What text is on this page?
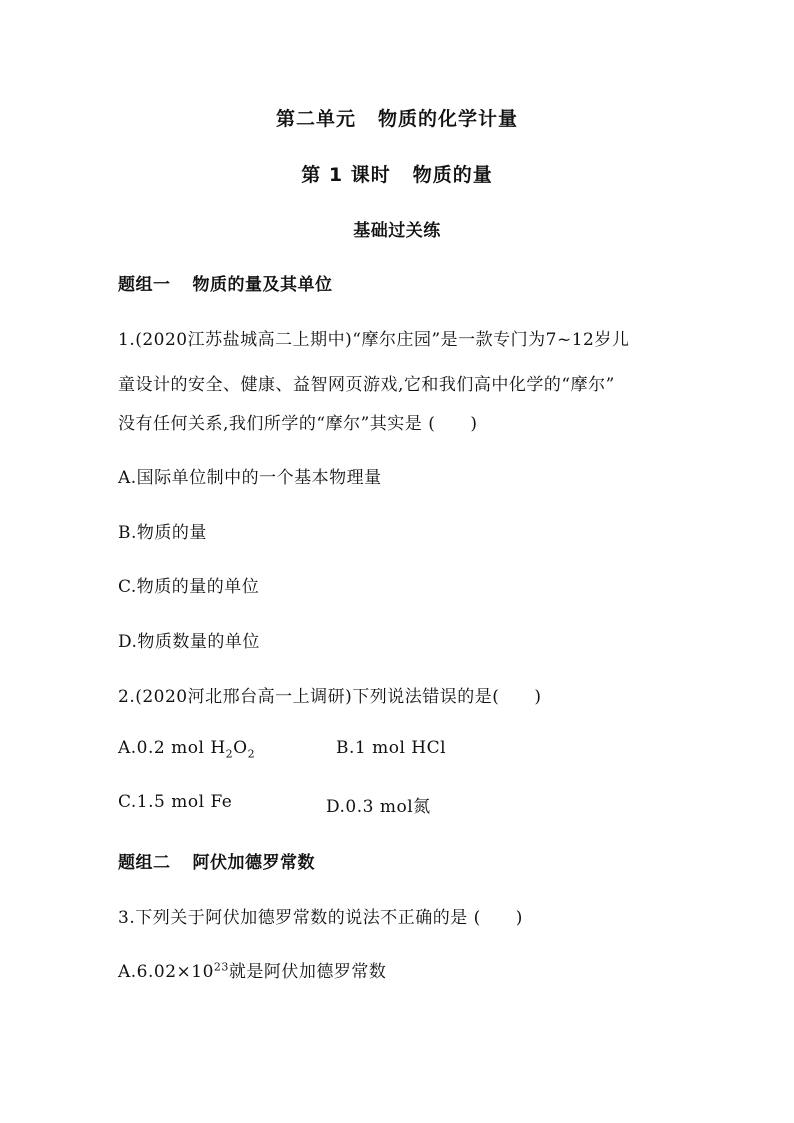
第二单元 物质的化学计量
第 1 课时 物质的量
基础过关练
题组一 物质的量及其单位
1.(2020江苏盐城高二上期中)“摩尔庄园”是一款专门为7~12岁儿
童设计的安全、健康、益智网页游戏,它和我们高中化学的“摩尔”
没有任何关系,我们所学的“摩尔”其实是 (　　)
A.国际单位制中的一个基本物理量
B.物质的量
C.物质的量的单位
D.物质数量的单位
2.(2020河北邢台高一上调研)下列说法错误的是(　　)
A.0.2 mol $H_2O_2$	B.1 mol HCl
C.1.5 mol Fe	D.0.3 mol氮
题组二 阿伏加德罗常数
3.下列关于阿伏加德罗常数的说法不正确的是 (　　)
$A.6.02\times 10^{23}$就是阿伏加德罗常数
